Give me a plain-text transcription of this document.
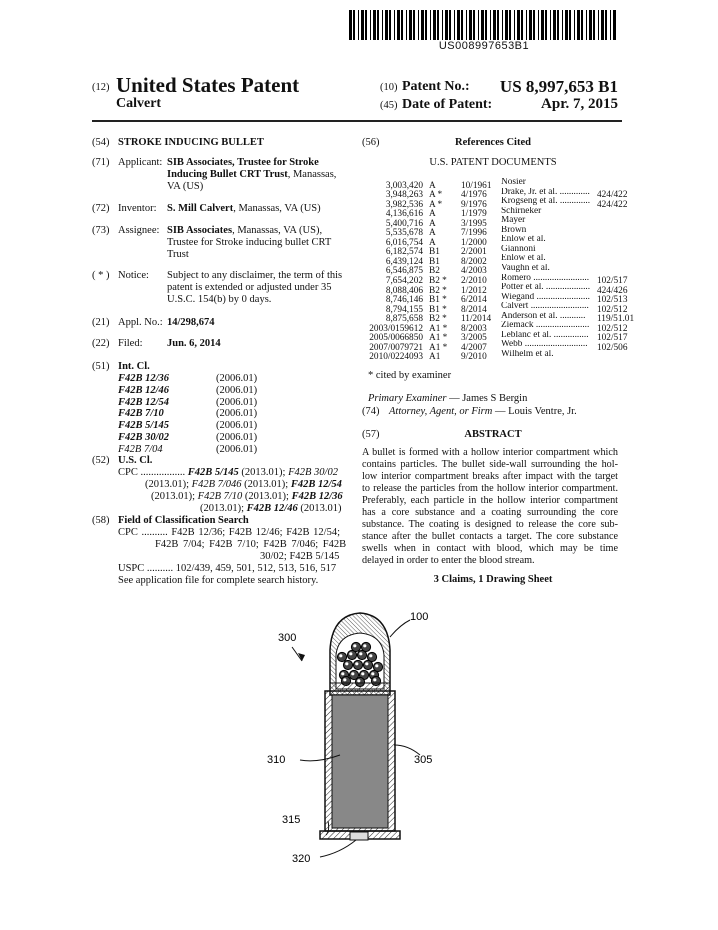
US008997653B1
(12) United States Patent
Calvert
(10) Patent No.: US 8,997,653 B1
(45) Date of Patent:	Apr. 7, 2015
(54) STROKE INDUCING BULLET
(71) Applicant: SIB Associates, Trustee for Stroke
Inducing Bullet CRT Trust, Manassas,
VA (US)
(72) Inventor: S. Mill Calvert, Manassas, VA (US)
(73) Assignee: SIB Associates, Manassas, VA (US),
Trustee for Stroke inducing bullet CRT
Trust
( * ) Notice: Subject to any disclaimer, the term of this
patent is extended or adjusted under 35
U.S.C. 154(b) by 0 days.
(21) Appl. No.: 14/298,674
(22) Filed: Jun. 6, 2014
(51) Int. Cl.
F42B 12/36	(2006.01)
F42B 12/46	(2006.01)
F42B 12/54	(2006.01)
F42B 7/10	(2006.01)
F42B 5/145	(2006.01)
F42B 30/02	(2006.01)
F42B 7/04	(2006.01)
(52) U.S. Cl.
CPC ................. F42B 5/145 (2013.01); F42B 30/02
(2013.01); F42B 7/046 (2013.01); F42B 12/54
(2013.01); F42B 7/10 (2013.01); F42B 12/36
(2013.01); F42B 12/46 (2013.01)
(58) Field of Classification Search
CPC .......... F42B 12/36; F42B 12/46; F42B 12/54;
F42B 7/04; F42B 7/10; F42B 7/046; F42B
30/02; F42B 5/145
USPC .......... 102/439, 459, 501, 512, 513, 516, 517
See application file for complete search history.
(56)	References Cited
U.S. PATENT DOCUMENTS
3,003,420 A	10/1961 Nosier
3,948,263 A * 4/1976 Drake, Jr. et al. ............. 424/422
3,982,536 A * 9/1976 Krogseng et al. ............. 424/422
4,136,616 A	1/1979 Schirneker
5,400,716 A	3/1995 Mayer
5,535,678 A	7/1996 Brown
6,016,754 A	1/2000 Enlow et al.
6,182,574 B1 2/2001 Giannoni
6,439,124 B1 8/2002 Enlow et al.
6,546,875 B2 4/2003 Vaughn et al.
7,654,202 B2 * 2/2010 Romero ........................ 102/517
8,088,406 B2 * 1/2012 Potter et al. ................... 424/426
8,746,146 B1 * 6/2014 Wiegand ....................... 102/513
8,794,155 B1 * 8/2014 Calvert ......................... 102/512
8,875,658 B2 * 11/2014 Anderson et al. ........... 119/51.01
2003/0159612 A1 * 8/2003 Ziemack ....................... 102/512
2005/0066850 A1 * 3/2005 Leblanc et al. ............... 102/517
2007/0079721 A1 * 4/2007 Webb ........................... 102/506
2010/0224093 A1 9/2010 Wilhelm et al.
* cited by examiner
Primary Examiner — James S Bergin
(74) Attorney, Agent, or Firm — Louis Ventre, Jr.
(57)	ABSTRACT
A bullet is formed with a hollow interior compartment which
contains particles. The bullet side-wall surrounding the hol-
low interior compartment breaks after impact with the target
to release the particles from the hollow interior compartment.
Preferably, each particle in the hollow interior compartment
has a core substance and a coating surrounding the core
substance. The coating is designed to release the core sub-
stance after the bullet contacts a target. The core substance
swells when in contact with blood, which may be time
delayed in order to enter the blood stream.
3 Claims, 1 Drawing Sheet
100
300
310	305
315
320
